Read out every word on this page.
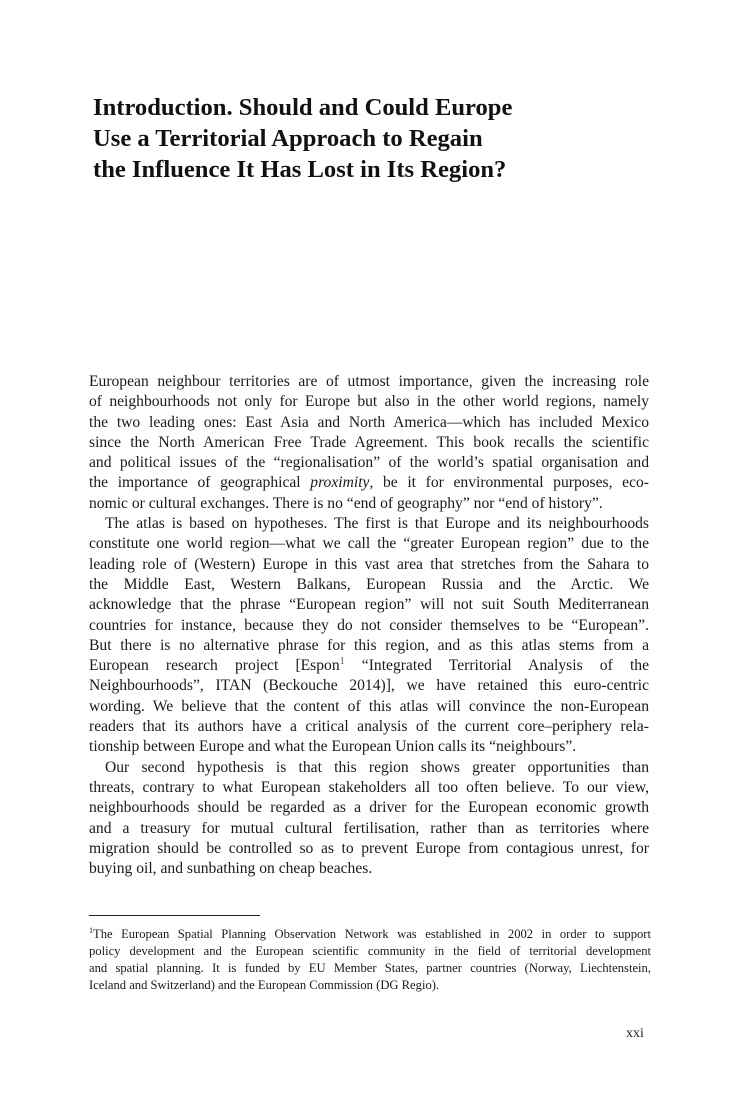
Introduction. Should and Could Europe
Use a Territorial Approach to Regain
the Influence It Has Lost in Its Region?

European neighbour territories are of utmost importance, given the increasing role
of neighbourhoods not only for Europe but also in the other world regions, namely
the two leading ones: East Asia and North America—which has included Mexico
since the North American Free Trade Agreement. This book recalls the scientific
and political issues of the “regionalisation” of the world’s spatial organisation and
the importance of geographical proximity, be it for environmental purposes, eco-
nomic or cultural exchanges. There is no “end of geography” nor “end of history”.

The atlas is based on hypotheses. The first is that Europe and its neighbourhoods
constitute one world region—what we call the “greater European region” due to the
leading role of (Western) Europe in this vast area that stretches from the Sahara to
the Middle East, Western Balkans, European Russia and the Arctic. We
acknowledge that the phrase “European region” will not suit South Mediterranean
countries for instance, because they do not consider themselves to be “European”.
But there is no alternative phrase for this region, and as this atlas stems from a
European research project [Espon$^1$ “Integrated Territorial Analysis of the
Neighbourhoods”, ITAN (Beckouche 2014)], we have retained this euro-centric
wording. We believe that the content of this atlas will convince the non-European
readers that its authors have a critical analysis of the current core–periphery rela-
tionship between Europe and what the European Union calls its “neighbours”.

Our second hypothesis is that this region shows greater opportunities than
threats, contrary to what European stakeholders all too often believe. To our view,
neighbourhoods should be regarded as a driver for the European economic growth
and a treasury for mutual cultural fertilisation, rather than as territories where
migration should be controlled so as to prevent Europe from contagious unrest, for
buying oil, and sunbathing on cheap beaches.

$^1$The European Spatial Planning Observation Network was established in 2002 in order to support
policy development and the European scientific community in the field of territorial development
and spatial planning. It is funded by EU Member States, partner countries (Norway, Liechtenstein,
Iceland and Switzerland) and the European Commission (DG Regio).
xxi
